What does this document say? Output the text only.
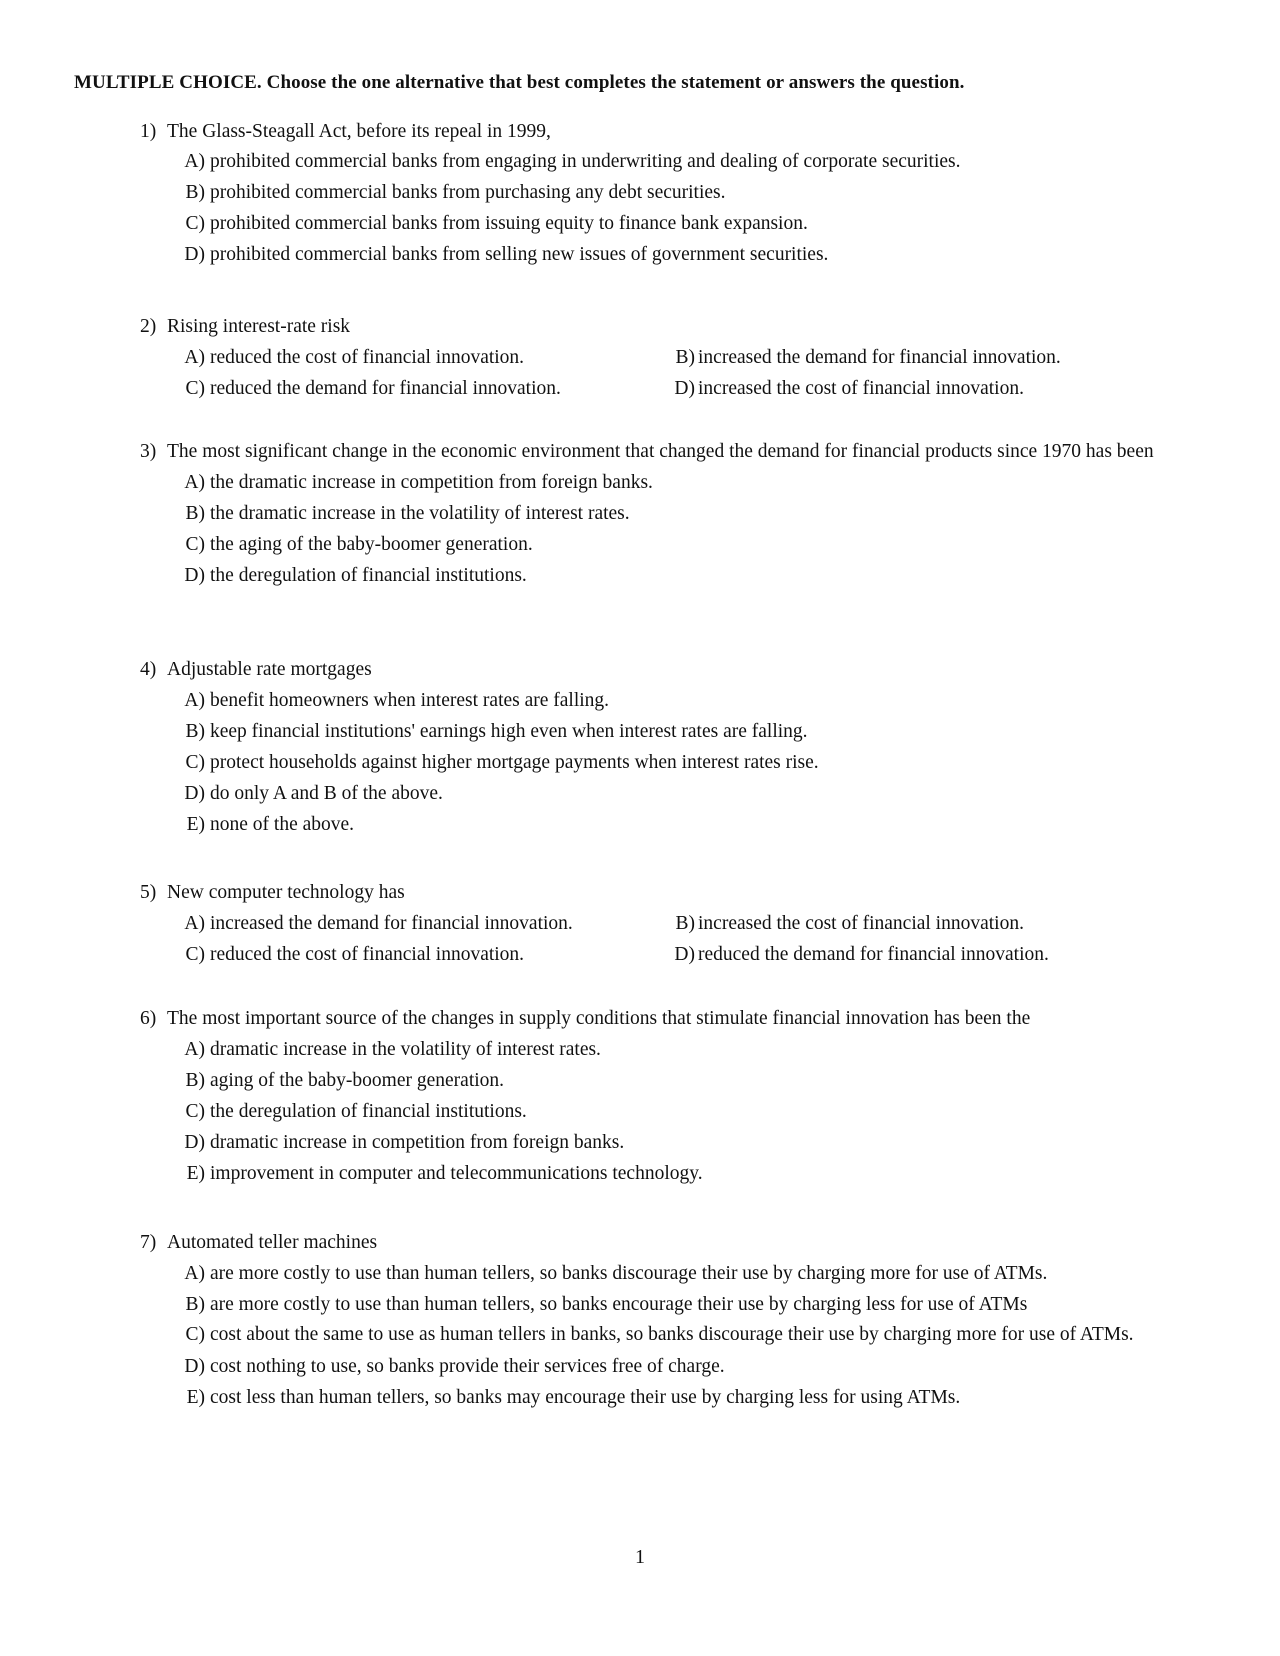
MULTIPLE CHOICE. Choose the one alternative that best completes the statement or answers the question.
1) The Glass-Steagall Act, before its repeal in 1999,
A) prohibited commercial banks from engaging in underwriting and dealing of corporate securities.
B) prohibited commercial banks from purchasing any debt securities.
C) prohibited commercial banks from issuing equity to finance bank expansion.
D) prohibited commercial banks from selling new issues of government securities.
2) Rising interest-rate risk
A) reduced the cost of financial innovation.	B) increased the demand for financial innovation.
C) reduced the demand for financial innovation.	D) increased the cost of financial innovation.
3) The most significant change in the economic environment that changed the demand for financial products since 1970 has been
A) the dramatic increase in competition from foreign banks.
B) the dramatic increase in the volatility of interest rates.
C) the aging of the baby-boomer generation.
D) the deregulation of financial institutions.
4) Adjustable rate mortgages
A) benefit homeowners when interest rates are falling.
B) keep financial institutions' earnings high even when interest rates are falling.
C) protect households against higher mortgage payments when interest rates rise.
D) do only A and B of the above.
E) none of the above.
5) New computer technology has
A) increased the demand for financial innovation.	B) increased the cost of financial innovation.
C) reduced the cost of financial innovation.	D) reduced the demand for financial innovation.
6) The most important source of the changes in supply conditions that stimulate financial innovation has been the
A) dramatic increase in the volatility of interest rates.
B) aging of the baby-boomer generation.
C) the deregulation of financial institutions.
D) dramatic increase in competition from foreign banks.
E) improvement in computer and telecommunications technology.
7) Automated teller machines
A) are more costly to use than human tellers, so banks discourage their use by charging more for use of ATMs.
B) are more costly to use than human tellers, so banks encourage their use by charging less for use of ATMs
C) cost about the same to use as human tellers in banks, so banks discourage their use by charging more for use of ATMs.
D) cost nothing to use, so banks provide their services free of charge.
E) cost less than human tellers, so banks may encourage their use by charging less for using ATMs.
1
